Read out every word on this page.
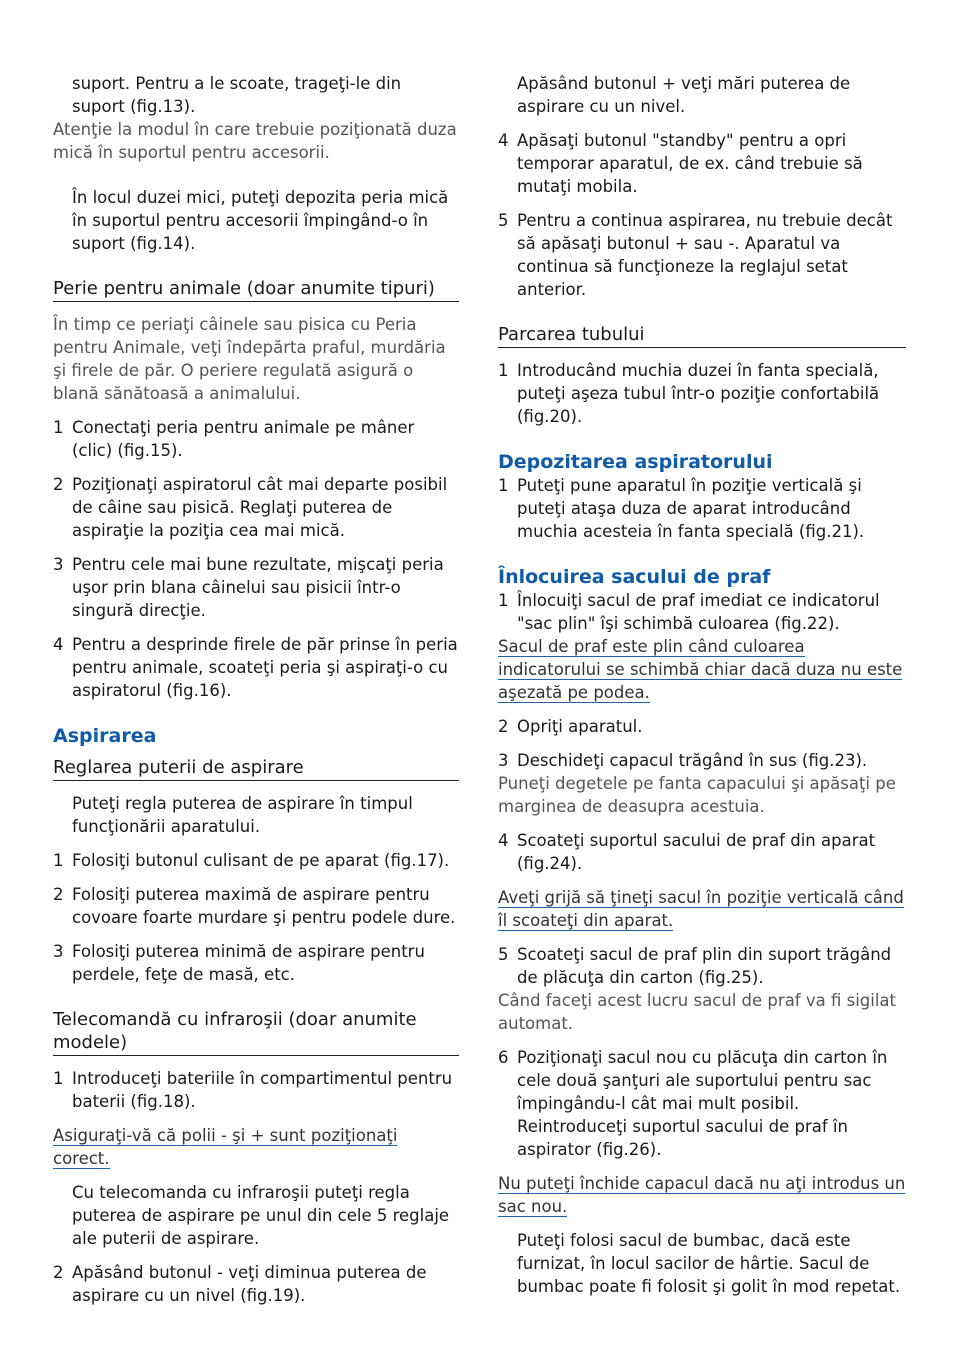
suport. Pentru a le scoate, trageţi-le din suport (fig.13).

Atenţie la modul în care trebuie poziţionată duza mică în suportul pentru accesorii.

În locul duzei mici, puteţi depozita peria mică în suportul pentru accesorii împingând-o în suport (fig.14).

Perie pentru animale (doar anumite tipuri)

În timp ce periaţi câinele sau pisica cu Peria pentru Animale, veţi îndepărta praful, murdăria şi firele de păr. O periere regulată asigură o blană sănătoasă a animalului.

1 Conectaţi peria pentru animale pe mâner (clic) (fig.15).
2 Poziţionaţi aspiratorul cât mai departe posibil de câine sau pisică. Reglaţi puterea de aspiraţie la poziţia cea mai mică.
3 Pentru cele mai bune rezultate, mişcaţi peria uşor prin blana câinelui sau pisicii într-o singură direcţie.
4 Pentru a desprinde firele de păr prinse în peria pentru animale, scoateţi peria şi aspiraţi-o cu aspiratorul (fig.16).

Aspirarea

Reglarea puterii de aspirare

Puteţi regla puterea de aspirare în timpul funcţionării aparatului.

1 Folosiţi butonul culisant de pe aparat (fig.17).
2 Folosiţi puterea maximă de aspirare pentru covoare foarte murdare şi pentru podele dure.
3 Folosiţi puterea minimă de aspirare pentru perdele, feţe de masă, etc.

Telecomandă cu infraroşii (doar anumite modele)

1 Introduceţi bateriile în compartimentul pentru baterii (fig.18).

Asiguraţi-vă că polii - şi + sunt poziţionaţi corect.

Cu telecomanda cu infraroşii puteţi regla puterea de aspirare pe unul din cele 5 reglaje ale puterii de aspirare.

2 Apăsând butonul - veţi diminua puterea de aspirare cu un nivel (fig.19).

Apăsând butonul + veţi mări puterea de aspirare cu un nivel.

4 Apăsaţi butonul "standby" pentru a opri temporar aparatul, de ex. când trebuie să mutaţi mobila.
5 Pentru a continua aspirarea, nu trebuie decât să apăsaţi butonul + sau -. Aparatul va continua să funcţioneze la reglajul setat anterior.

Parcarea tubului

1 Introducând muchia duzei în fanta specială, puteţi aşeza tubul într-o poziţie confortabilă (fig.20).

Depozitarea aspiratorului

1 Puteţi pune aparatul în poziţie verticală şi puteţi ataşa duza de aparat introducând muchia acesteia în fanta specială (fig.21).

Înlocuirea sacului de praf

1 Înlocuiţi sacul de praf imediat ce indicatorul "sac plin" îşi schimbă culoarea (fig.22).

Sacul de praf este plin când culoarea indicatorului se schimbă chiar dacă duza nu este aşezată pe podea.

2 Opriţi aparatul.
3 Deschideţi capacul trăgând în sus (fig.23).

Puneţi degetele pe fanta capacului şi apăsaţi pe marginea de deasupra acestuia.

4 Scoateţi suportul sacului de praf din aparat (fig.24).

Aveţi grijă să ţineţi sacul în poziţie verticală când îl scoateţi din aparat.

5 Scoateţi sacul de praf plin din suport trăgând de plăcuţa din carton (fig.25).

Când faceţi acest lucru sacul de praf va fi sigilat automat.

6 Poziţionaţi sacul nou cu plăcuţa din carton în cele două şanţuri ale suportului pentru sac împingându-l cât mai mult posibil. Reintroduceţi suportul sacului de praf în aspirator (fig.26).

Nu puteţi închide capacul dacă nu aţi introdus un sac nou.

Puteţi folosi sacul de bumbac, dacă este furnizat, în locul sacilor de hârtie. Sacul de bumbac poate fi folosit şi golit în mod repetat.
